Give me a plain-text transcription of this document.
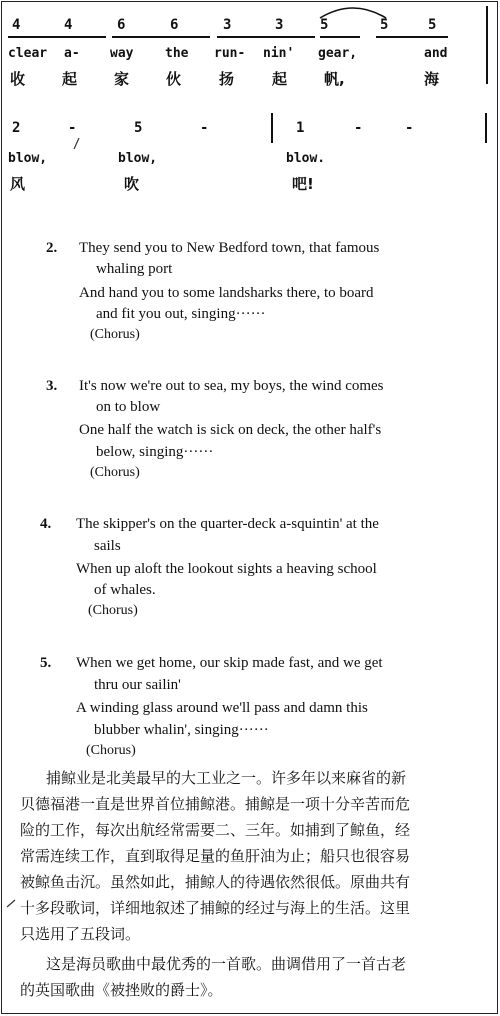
4	4	6	6	3	3	5	5	5
clear a- way the run- nin' gear,	and
收 起 家 伙	扬	起 帆,	海
2	-	5	-	1	-	-
blow,	blow,	blow.
风	吹	吧!
2. They send you to New Bedford town, that famous
whaling port
And hand you to some landsharks there, to board
and fit you out, singing······
(Chorus)
3. It's now we're out to sea, my boys, the wind comes
on to blow
One half the watch is sick on deck, the other half's
below, singing······
(Chorus)
4. The skipper's on the quarter-deck a-squintin' at the
sails
When up aloft the lookout sights a heaving school
of whales.
(Chorus)
5. When we get home, our skip made fast, and we get
thru our sailin'
A winding glass around we'll pass and damn this
blubber whalin', singing······
(Chorus)
捕鲸业是北美最早的大工业之一。许多年以来麻省的新
贝德福港一直是世界首位捕鲸港。捕鲸是一项十分辛苦而危
险的工作，每次出航经常需要二、三年。如捕到了鲸鱼，经
常需连续工作，直到取得足量的鱼肝油为止；船只也很容易
被鲸鱼击沉。虽然如此，捕鲸人的待遇依然很低。原曲共有
十多段歌词，详细地叙述了捕鲸的经过与海上的生活。这里
只选用了五段词。
这是海员歌曲中最优秀的一首歌。曲调借用了一首古老
的英国歌曲《被挫败的爵士》。
